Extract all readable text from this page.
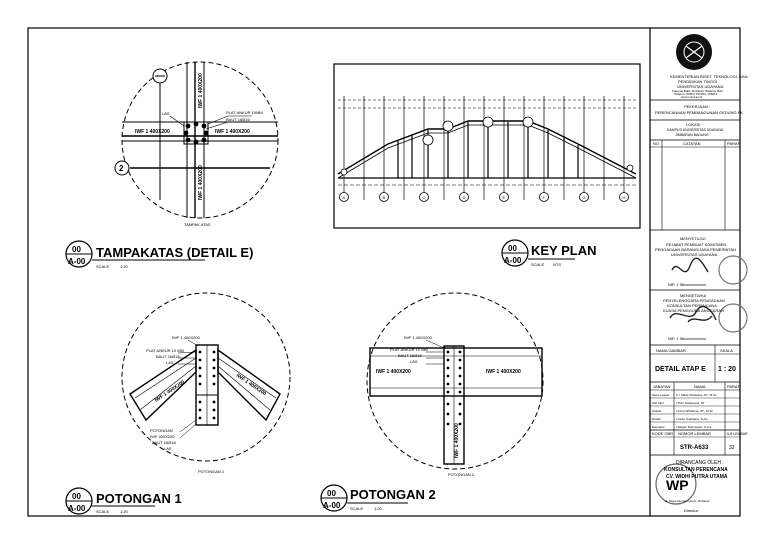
PLAT ANKUR 10MM
BAUT 16Ø16
LAS
IWF 1 400X200	IWF 1 400X200
IWF 1 400X200
IWF 1 400X200
2
TAMPAK ATAS
00
A-00
TAMPAKATAS (DETAIL E)
SCALE	1:20
A	B	C	D	E	F	G	H
00
A-00
KEY PLAN
SCALE NTS
IWF 1 400X200
PLAT ANKUR 10 MM
BAUT 16Ø16
LAS
IWF 1 400X200	IWF 1 400X200
POTONGAN
IWF 400X200
BAUT 16Ø16
LAS
POTONGAN 1
00
A-00
POTONGAN 1
SCALE	1:20
IWF 1 400X200
PLAT ANKUR 10 MM
BAUT 16Ø16
LAS
IWF 1 400X200	IWF 1 400X200
IWF 1 400X200
POTONGAN 2
00
A-00
POTONGAN 2
SCALE	1:20
WP
KEMENTERIAN RISET, TEKNOLOGI, DAN
PENDIDIKAN TINGGI
UNIVERSITAS UDAYANA
Kampus Bukit Jimbaran, Badung, Bali
Telepon: (0361) 701954, 701812
www.unud.ac.id
PEKERJAAN :
PERENCANAAN PEMBANGUNAN GEDUNG PK
LOKASI :
KAMPUS UNIVERSITAS UDAYANA
JIMBARAN BADUNG
NO	CATATAN	PARAF
MENYETUJUI
PEJABAT PEMBUAT KOMITMEN
PENGADAAN BARANG/JASA PEMERINTAH
UNIVERSITAS UDAYANA
NIP. 1 98xxxxxxxxxxx
MENGETAHUI
PENYELENGGARA PENGADAAN
KONSULTAN PERENCANA
KUASA PENGGUNA ANGGARAN
NIP. 1 98xxxxxxxxxxx
NAMA GAMBAR	SKALA
DETAIL ATAP E 1 : 20
JABATAN	NAMA	PARAF
Team Leader Ir. I Made Wirasana, ST., M.Sc
Ahli Sipil	I Putu Sudarsana, ST
Arsitek	I Ketut Wiratama, ST., M.Sc
Drafter	I Gede Suardana, S.Ars
Estimator	I Wayan Darmawan, S.Ars
KODE GBR NOMOR LEMBAR	JLH LEMBAR
STR-A633	32
DIRANCANG OLEH :
KONSULTAN PERENCANA
CV. WIDHI PUTRA UTAMA
Jl. Raya Kampus Unud, Jimbaran
Direktur
